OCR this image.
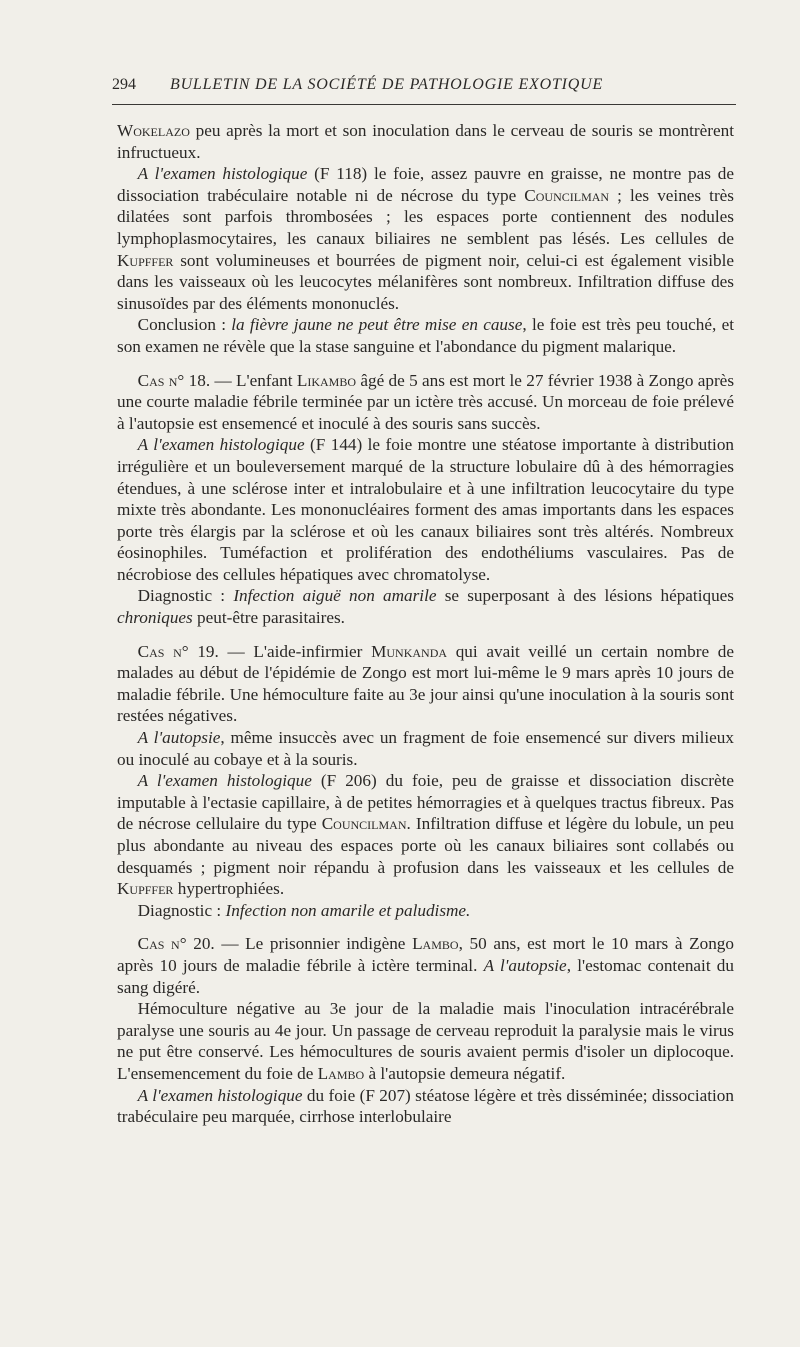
294 BULLETIN DE LA SOCIÉTÉ DE PATHOLOGIE EXOTIQUE

Wokelazo peu après la mort et son inoculation dans le cerveau de souris se montrèrent infructueux.

A l'examen histologique (F 118) le foie, assez pauvre en graisse, ne montre pas de dissociation trabéculaire notable ni de nécrose du type Councilman ; les veines très dilatées sont parfois thrombosées ; les espaces porte contiennent des nodules lymphoplasmocytaires, les canaux biliaires ne semblent pas lésés. Les cellules de Kupffer sont volumineuses et bourrées de pigment noir, celui-ci est également visible dans les vaisseaux où les leucocytes mélanifères sont nombreux. Infiltration diffuse des sinusoïdes par des éléments mononuclés.

Conclusion : la fièvre jaune ne peut être mise en cause, le foie est très peu touché, et son examen ne révèle que la stase sanguine et l'abondance du pigment malarique.

Cas n° 18. — L'enfant Likambo âgé de 5 ans est mort le 27 février 1938 à Zongo après une courte maladie fébrile terminée par un ictère très accusé. Un morceau de foie prélevé à l'autopsie est ensemencé et inoculé à des souris sans succès.

A l'examen histologique (F 144) le foie montre une stéatose importante à distribution irrégulière et un bouleversement marqué de la structure lobulaire dû à des hémorragies étendues, à une sclérose inter et intralobulaire et à une infiltration leucocytaire du type mixte très abondante. Les mononucléaires forment des amas importants dans les espaces porte très élargis par la sclérose et où les canaux biliaires sont très altérés. Nombreux éosinophiles. Tuméfaction et prolifération des endothéliums vasculaires. Pas de nécrobiose des cellules hépatiques avec chromatolyse.

Diagnostic : Infection aiguë non amarile se superposant à des lésions hépatiques chroniques peut-être parasitaires.

Cas n° 19. — L'aide-infirmier Munkanda qui avait veillé un certain nombre de malades au début de l'épidémie de Zongo est mort lui-même le 9 mars après 10 jours de maladie fébrile. Une hémoculture faite au 3e jour ainsi qu'une inoculation à la souris sont restées négatives.

A l'autopsie, même insuccès avec un fragment de foie ensemencé sur divers milieux ou inoculé au cobaye et à la souris.

A l'examen histologique (F 206) du foie, peu de graisse et dissociation discrète imputable à l'ectasie capillaire, à de petites hémorragies et à quelques tractus fibreux. Pas de nécrose cellulaire du type Councilman. Infiltration diffuse et légère du lobule, un peu plus abondante au niveau des espaces porte où les canaux biliaires sont collabés ou desquamés ; pigment noir répandu à profusion dans les vaisseaux et les cellules de Kupffer hypertrophiées.

Diagnostic : Infection non amarile et paludisme.

Cas n° 20. — Le prisonnier indigène Lambo, 50 ans, est mort le 10 mars à Zongo après 10 jours de maladie fébrile à ictère terminal. A l'autopsie, l'estomac contenait du sang digéré.

Hémoculture négative au 3e jour de la maladie mais l'inoculation intracérébrale paralyse une souris au 4e jour. Un passage de cerveau reproduit la paralysie mais le virus ne put être conservé. Les hémocultures de souris avaient permis d'isoler un diplocoque. L'ensemencement du foie de Lambo à l'autopsie demeura négatif.

A l'examen histologique du foie (F 207) stéatose légère et très disséminée; dissociation trabéculaire peu marquée, cirrhose interlobulaire
